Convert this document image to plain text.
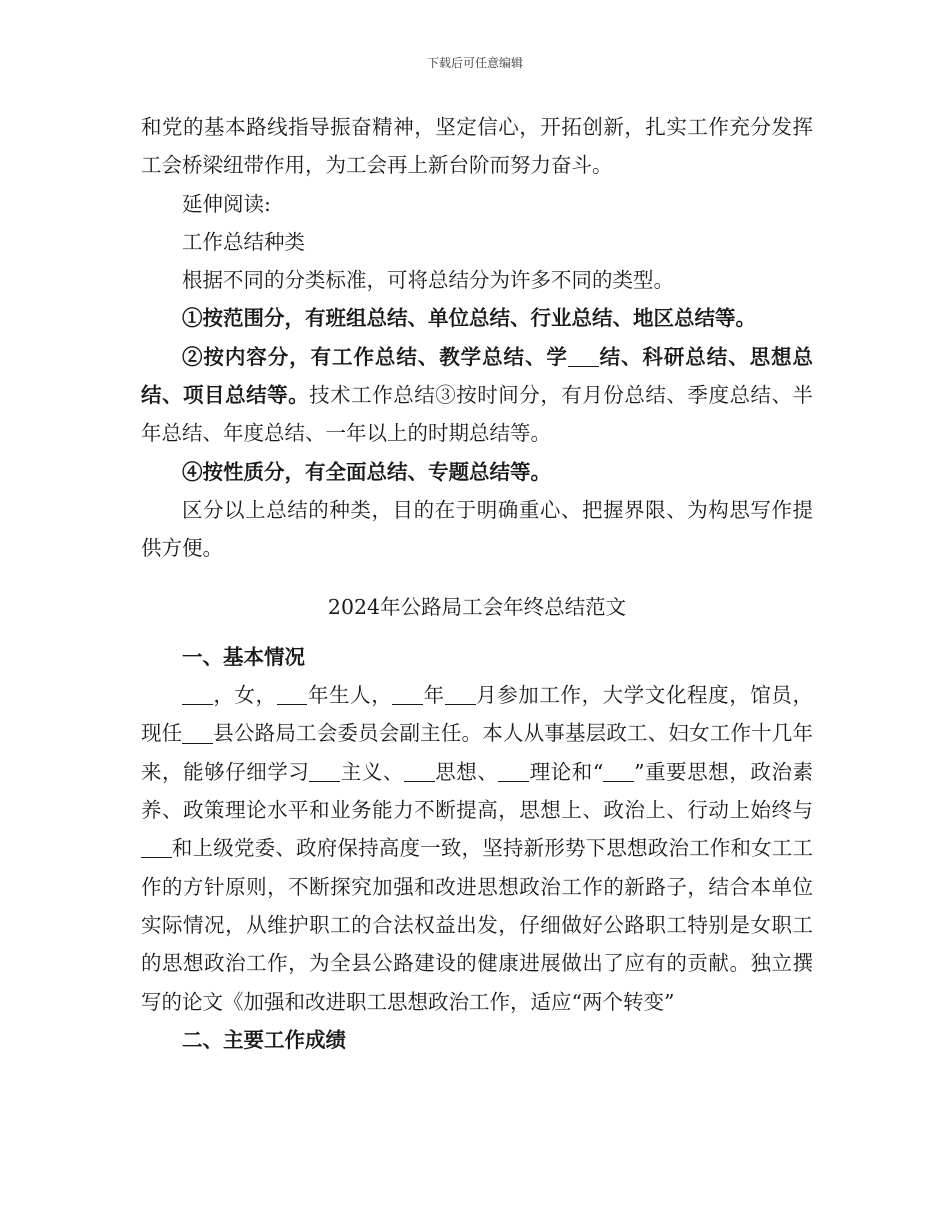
下载后可任意编辑

和党的基本路线指导振奋精神，坚定信心，开拓创新，扎实工作充分发挥工会桥梁纽带作用，为工会再上新台阶而努力奋斗。

延伸阅读:

工作总结种类

根据不同的分类标准，可将总结分为许多不同的类型。

①按范围分，有班组总结、单位总结、行业总结、地区总结等。

②按内容分，有工作总结、教学总结、学 结、科研总结、思想总结、项目总结等。技术工作总结③按时间分，有月份总结、季度总结、半年总结、年度总结、一年以上的时期总结等。

④按性质分，有全面总结、专题总结等。

区分以上总结的种类，目的在于明确重心、把握界限、为构思写作提供方便。

2024年公路局工会年终总结范文

一、基本情况

，女， 年生人， 年 月参加工作，大学文化程度，馆员，现任 县公路局工会委员会副主任。本人从事基层政工、妇女工作十几年来，能够仔细学习 主义、 思想、 理论和“ ”重要思想，政治素养、政策理论水平和业务能力不断提高，思想上、政治上、行动上始终与和上级党委、政府保持高度一致，坚持新形势下思想政治工作和女工工作的方针原则，不断探究加强和改进思想政治工作的新路子，结合本单位实际情况，从维护职工的合法权益出发，仔细做好公路职工特别是女职工的思想政治工作，为全县公路建设的健康进展做出了应有的贡献。独立撰写的论文《加强和改进职工思想政治工作，适应“两个转变”

二、主要工作成绩
